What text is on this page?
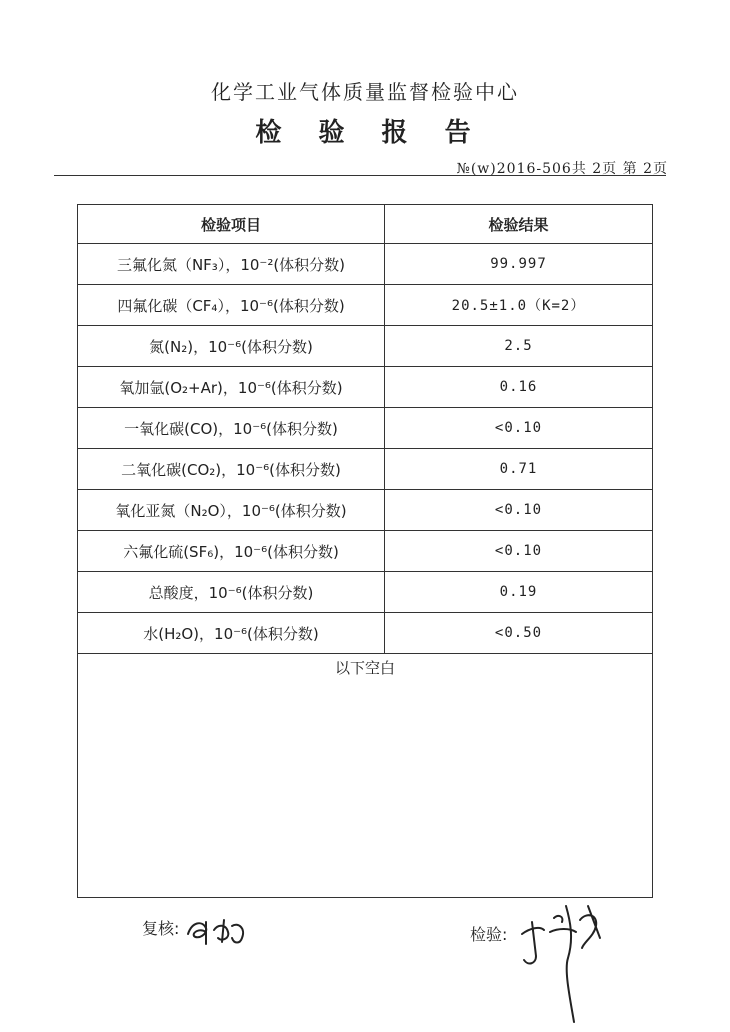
化学工业气体质量监督检验中心
检 验 报 告
№(w)2016-506共 2页 第 2页
检验项目	检验结果
三氟化氮（NF₃），10⁻²(体积分数)	99.997
四氟化碳（CF₄），10⁻⁶(体积分数)	20.5±1.0（K=2）
氮(N₂)，10⁻⁶(体积分数)	2.5
氧加氩(O₂+Ar)，10⁻⁶(体积分数)	0.16
一氧化碳(CO)，10⁻⁶(体积分数)	<0.10
二氧化碳(CO₂)，10⁻⁶(体积分数)	0.71
氧化亚氮（N₂O），10⁻⁶(体积分数)	<0.10
六氟化硫(SF₆)，10⁻⁶(体积分数)	<0.10
总酸度，10⁻⁶(体积分数)	0.19
水(H₂O)，10⁻⁶(体积分数)	<0.50
以下空白
复核:	检验:
